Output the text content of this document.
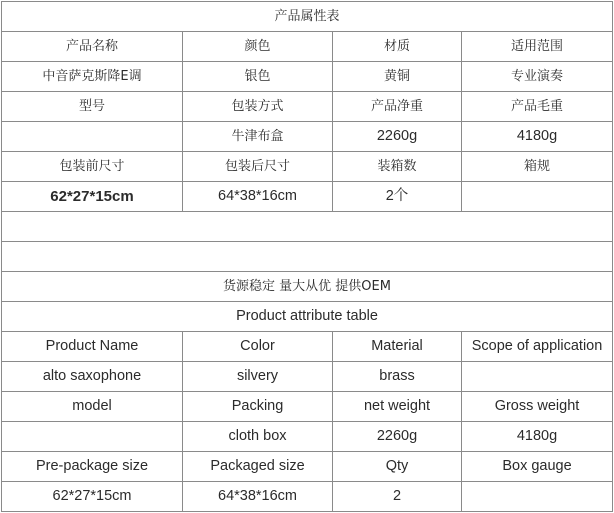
产品属性表			
产品名称	颜色	材质	适用范围
中音萨克斯降E调	银色	黄铜	专业演奏
型号	包装方式	产品净重	产品毛重
	牛津布盒	2260g	4180g
包装前尺寸	包装后尺寸	装箱数	箱规
62*27*15cm	64*38*16cm	2个	

货源稳定 量大从优 提供OEM			
Product attribute table			
Product Name	Color	Material	Scope of application
alto saxophone	silvery	brass	
model	Packing	net weight	Gross weight
	cloth box	2260g	4180g
Pre-package size	Packaged size	Qty	Box gauge
62*27*15cm	64*38*16cm	2	
